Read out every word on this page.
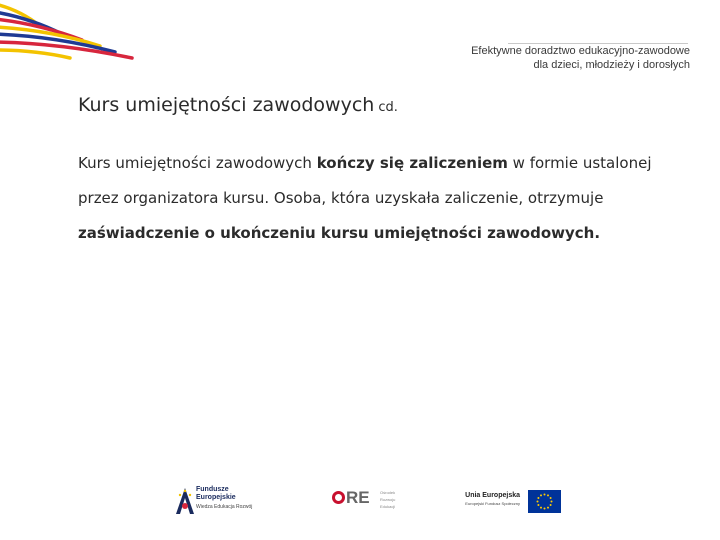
Efektywne doradztwo edukacyjno-zawodowe
dla dzieci, młodzieży i dorosłych
Kurs umiejętności zawodowych cd.

Kurs umiejętności zawodowych kończy się zaliczeniem w formie ustalonej przez organizatora kursu. Osoba, która uzyskała zaliczenie, otrzymuje zaświadczenie o ukończeniu kursu umiejętności zawodowych.

Fundusze
Europejskie
Wiedza Edukacja Rozwój	RE	Ośrodek
Rozwoju
Edukacji
Unia Europejska
Europejski Fundusz Społeczny
